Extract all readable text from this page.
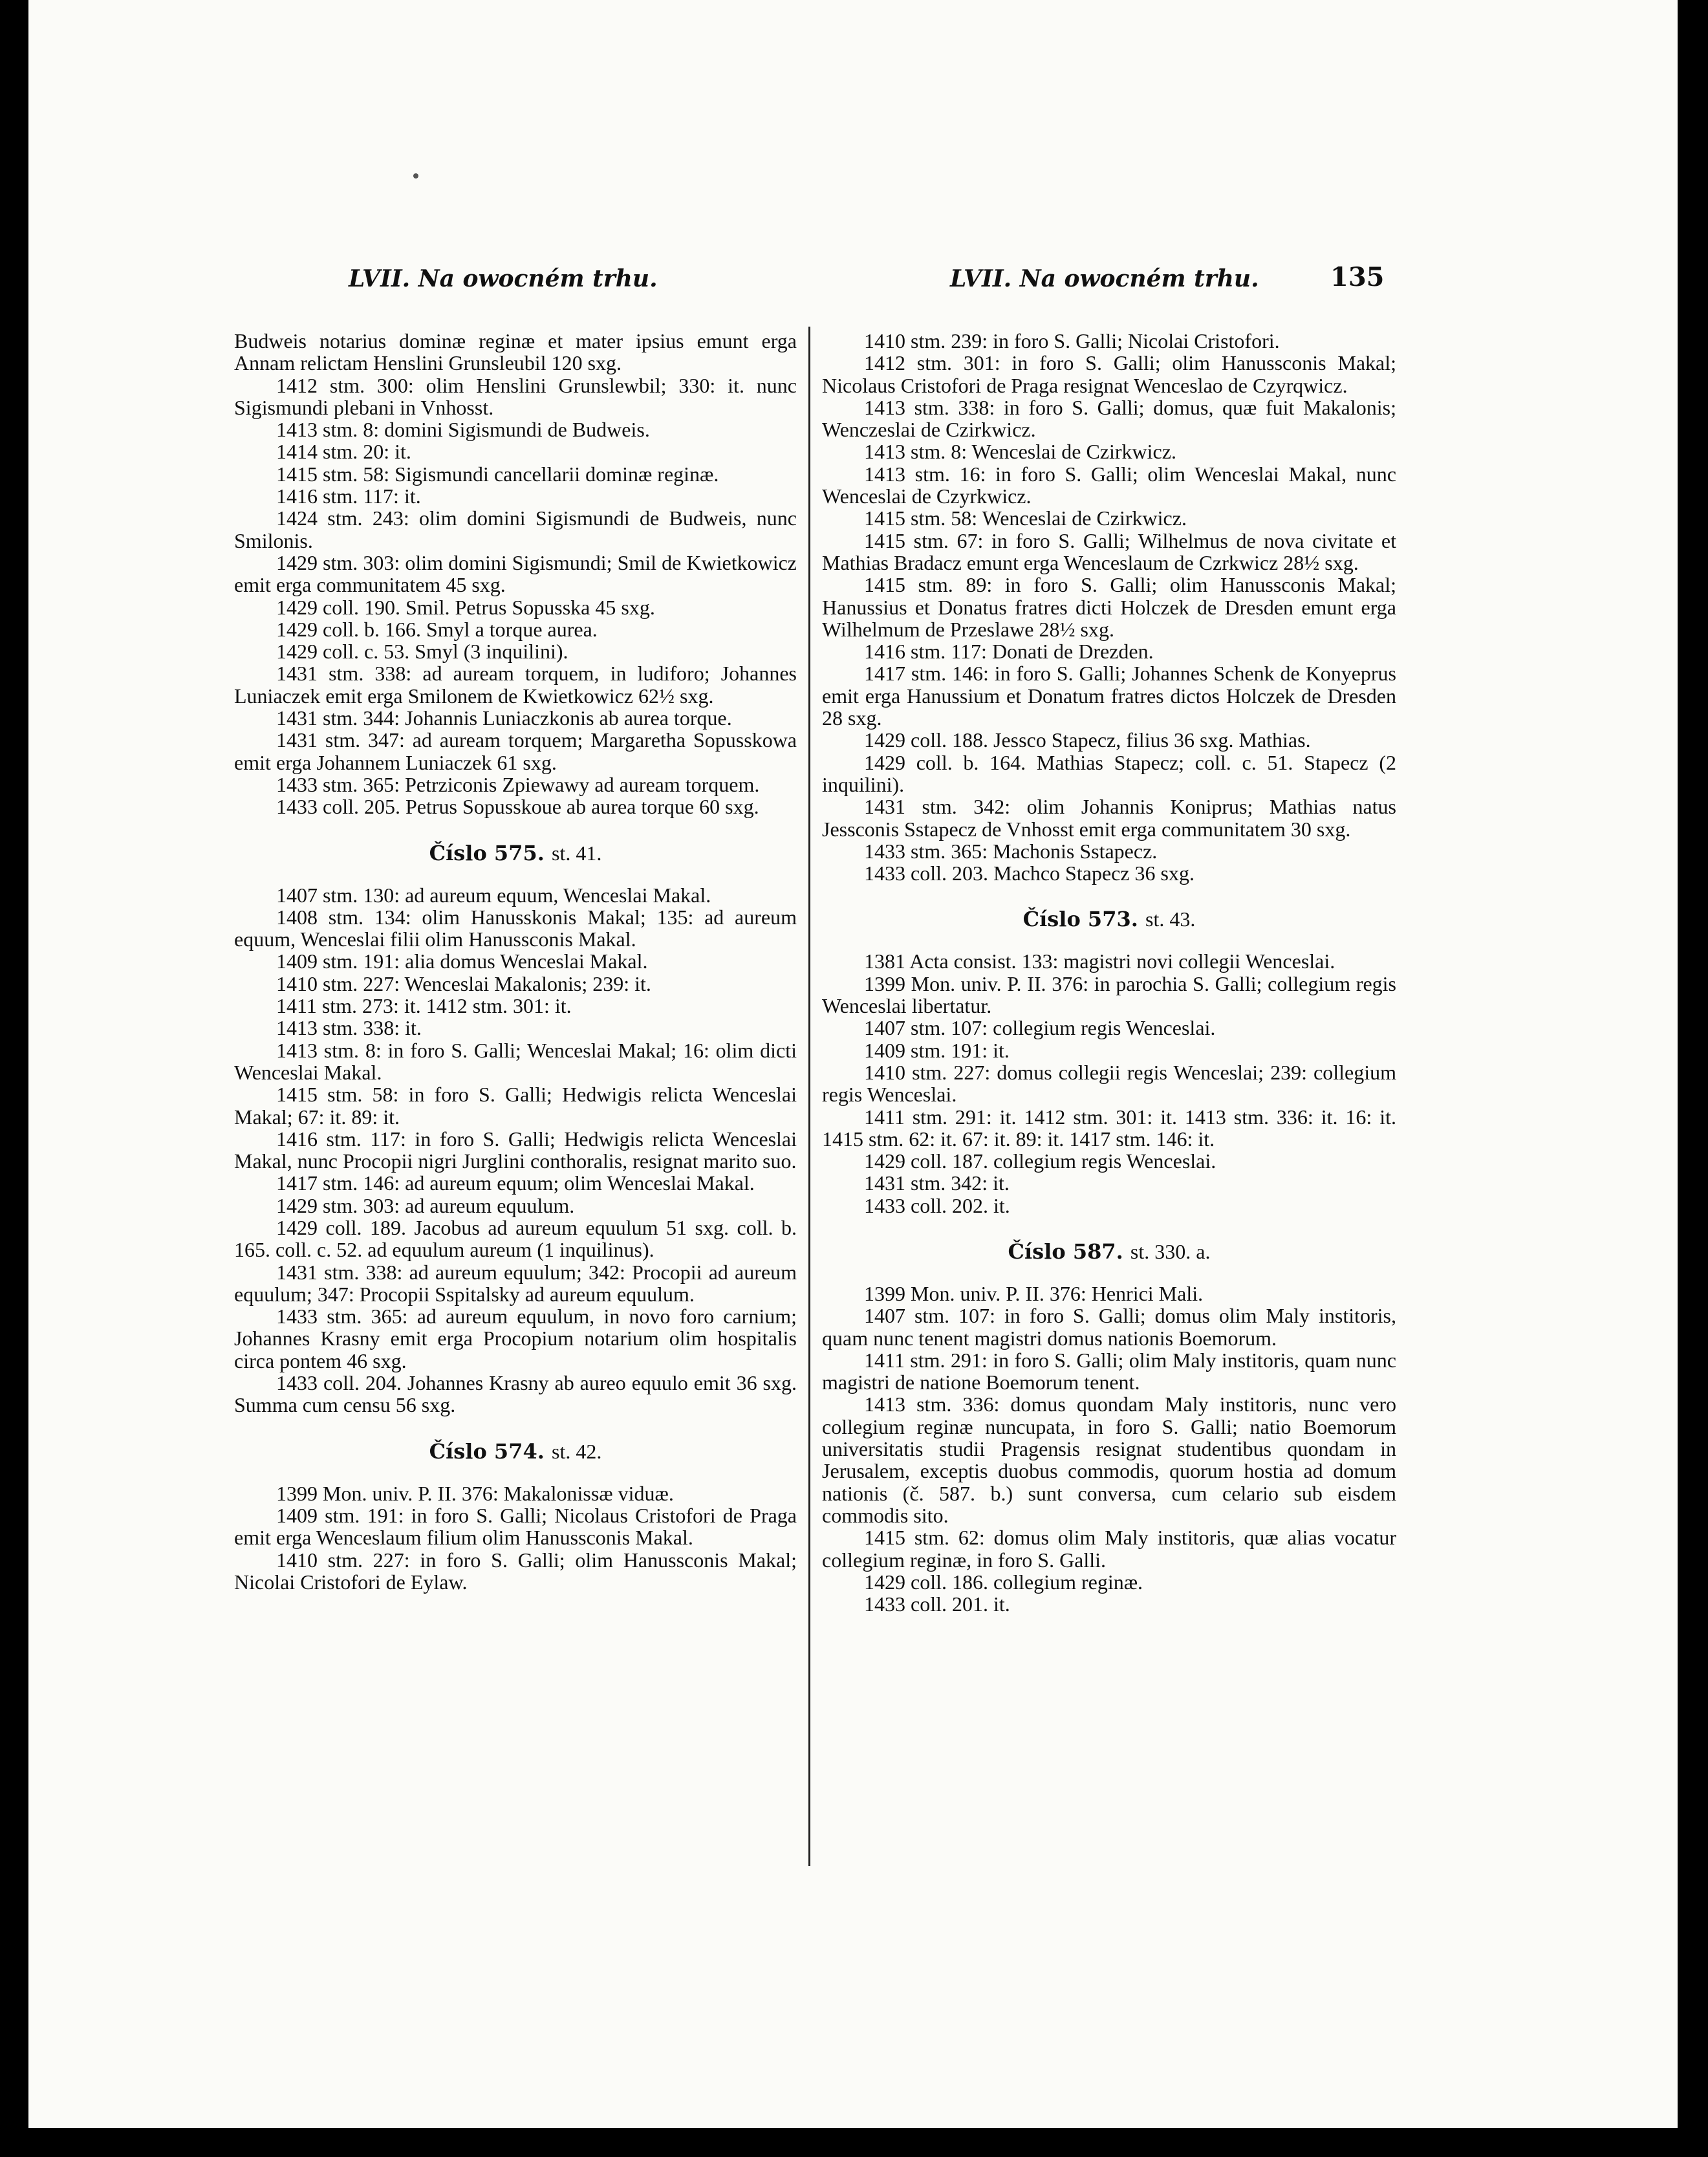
LVII. Na owocném trhu.	LVII. Na owocném trhu.	135

Budweis notarius dominæ reginæ et mater ipsius emunt erga Annam relictam Henslini Grunsleubil 120 sxg.

1412 stm. 300: olim Henslini Grunslewbil; 330: it. nunc Sigismundi plebani in Vnhosst.

1413 stm. 8: domini Sigismundi de Budweis.

1414 stm. 20: it.

1415 stm. 58: Sigismundi cancellarii dominæ reginæ.

1416 stm. 117: it.

1424 stm. 243: olim domini Sigismundi de Budweis, nunc Smilonis.

1429 stm. 303: olim domini Sigismundi; Smil de Kwietkowicz emit erga communitatem 45 sxg.

1429 coll. 190. Smil. Petrus Sopusska 45 sxg.

1429 coll. b. 166. Smyl a torque aurea.

1429 coll. c. 53. Smyl (3 inquilini).

1431 stm. 338: ad auream torquem, in ludiforo; Johannes Luniaczek emit erga Smilonem de Kwietkowicz 62½ sxg.

1431 stm. 344: Johannis Luniaczkonis ab aurea torque.

1431 stm. 347: ad auream torquem; Margaretha Sopusskowa emit erga Johannem Luniaczek 61 sxg.

1433 stm. 365: Petrziconis Zpiewawy ad auream torquem.

1433 coll. 205. Petrus Sopusskoue ab aurea torque 60 sxg.

Číslo 575. st. 41.

1407 stm. 130: ad aureum equum, Wenceslai Makal.

1408 stm. 134: olim Hanusskonis Makal; 135: ad aureum equum, Wenceslai filii olim Hanussconis Makal.

1409 stm. 191: alia domus Wenceslai Makal.

1410 stm. 227: Wenceslai Makalonis; 239: it.

1411 stm. 273: it. 1412 stm. 301: it.

1413 stm. 338: it.

1413 stm. 8: in foro S. Galli; Wenceslai Makal; 16: olim dicti Wenceslai Makal.

1415 stm. 58: in foro S. Galli; Hedwigis relicta Wenceslai Makal; 67: it. 89: it.

1416 stm. 117: in foro S. Galli; Hedwigis relicta Wenceslai Makal, nunc Procopii nigri Jurglini conthoralis, resignat marito suo.

1417 stm. 146: ad aureum equum; olim Wenceslai Makal.

1429 stm. 303: ad aureum equulum.

1429 coll. 189. Jacobus ad aureum equulum 51 sxg. coll. b. 165. coll. c. 52. ad equulum aureum (1 inquilinus).

1431 stm. 338: ad aureum equulum; 342: Procopii ad aureum equulum; 347: Procopii Sspitalsky ad aureum equulum.

1433 stm. 365: ad aureum equulum, in novo foro carnium; Johannes Krasny emit erga Procopium notarium olim hospitalis circa pontem 46 sxg.

1433 coll. 204. Johannes Krasny ab aureo equulo emit 36 sxg. Summa cum censu 56 sxg.

Číslo 574. st. 42.

1399 Mon. univ. P. II. 376: Makalonissæ viduæ.

1409 stm. 191: in foro S. Galli; Nicolaus Cristofori de Praga emit erga Wenceslaum filium olim Hanussconis Makal.

1410 stm. 227: in foro S. Galli; olim Hanussconis Makal; Nicolai Cristofori de Eylaw.

1410 stm. 239: in foro S. Galli; Nicolai Cristofori.

1412 stm. 301: in foro S. Galli; olim Hanussconis Makal; Nicolaus Cristofori de Praga resignat Wenceslao de Czyrqwicz.

1413 stm. 338: in foro S. Galli; domus, quæ fuit Makalonis; Wenczeslai de Czirkwicz.

1413 stm. 8: Wenceslai de Czirkwicz.

1413 stm. 16: in foro S. Galli; olim Wenceslai Makal, nunc Wenceslai de Czyrkwicz.

1415 stm. 58: Wenceslai de Czirkwicz.

1415 stm. 67: in foro S. Galli; Wilhelmus de nova civitate et Mathias Bradacz emunt erga Wenceslaum de Czrkwicz 28½ sxg.

1415 stm. 89: in foro S. Galli; olim Hanussconis Makal; Hanussius et Donatus fratres dicti Holczek de Dresden emunt erga Wilhelmum de Przeslawe 28½ sxg.

1416 stm. 117: Donati de Drezden.

1417 stm. 146: in foro S. Galli; Johannes Schenk de Konyeprus emit erga Hanussium et Donatum fratres dictos Holczek de Dresden 28 sxg.

1429 coll. 188. Jessco Stapecz, filius 36 sxg. Mathias.

1429 coll. b. 164. Mathias Stapecz; coll. c. 51. Stapecz (2 inquilini).

1431 stm. 342: olim Johannis Koniprus; Mathias natus Jessconis Sstapecz de Vnhosst emit erga communitatem 30 sxg.

1433 stm. 365: Machonis Sstapecz.

1433 coll. 203. Machco Stapecz 36 sxg.

Číslo 573. st. 43.

1381 Acta consist. 133: magistri novi collegii Wenceslai.

1399 Mon. univ. P. II. 376: in parochia S. Galli; collegium regis Wenceslai libertatur.

1407 stm. 107: collegium regis Wenceslai.

1409 stm. 191: it.

1410 stm. 227: domus collegii regis Wenceslai; 239: collegium regis Wenceslai.

1411 stm. 291: it. 1412 stm. 301: it. 1413 stm. 336: it. 16: it. 1415 stm. 62: it. 67: it. 89: it. 1417 stm. 146: it.

1429 coll. 187. collegium regis Wenceslai.

1431 stm. 342: it.

1433 coll. 202. it.

Číslo 587. st. 330. a.

1399 Mon. univ. P. II. 376: Henrici Mali.

1407 stm. 107: in foro S. Galli; domus olim Maly institoris, quam nunc tenent magistri domus nationis Boemorum.

1411 stm. 291: in foro S. Galli; olim Maly institoris, quam nunc magistri de natione Boemorum tenent.

1413 stm. 336: domus quondam Maly institoris, nunc vero collegium reginæ nuncupata, in foro S. Galli; natio Boemorum universitatis studii Pragensis resignat studentibus quondam in Jerusalem, exceptis duobus commodis, quorum hostia ad domum nationis (č. 587. b.) sunt conversa, cum celario sub eisdem commodis sito.

1415 stm. 62: domus olim Maly institoris, quæ alias vocatur collegium reginæ, in foro S. Galli.

1429 coll. 186. collegium reginæ.

1433 coll. 201. it.
